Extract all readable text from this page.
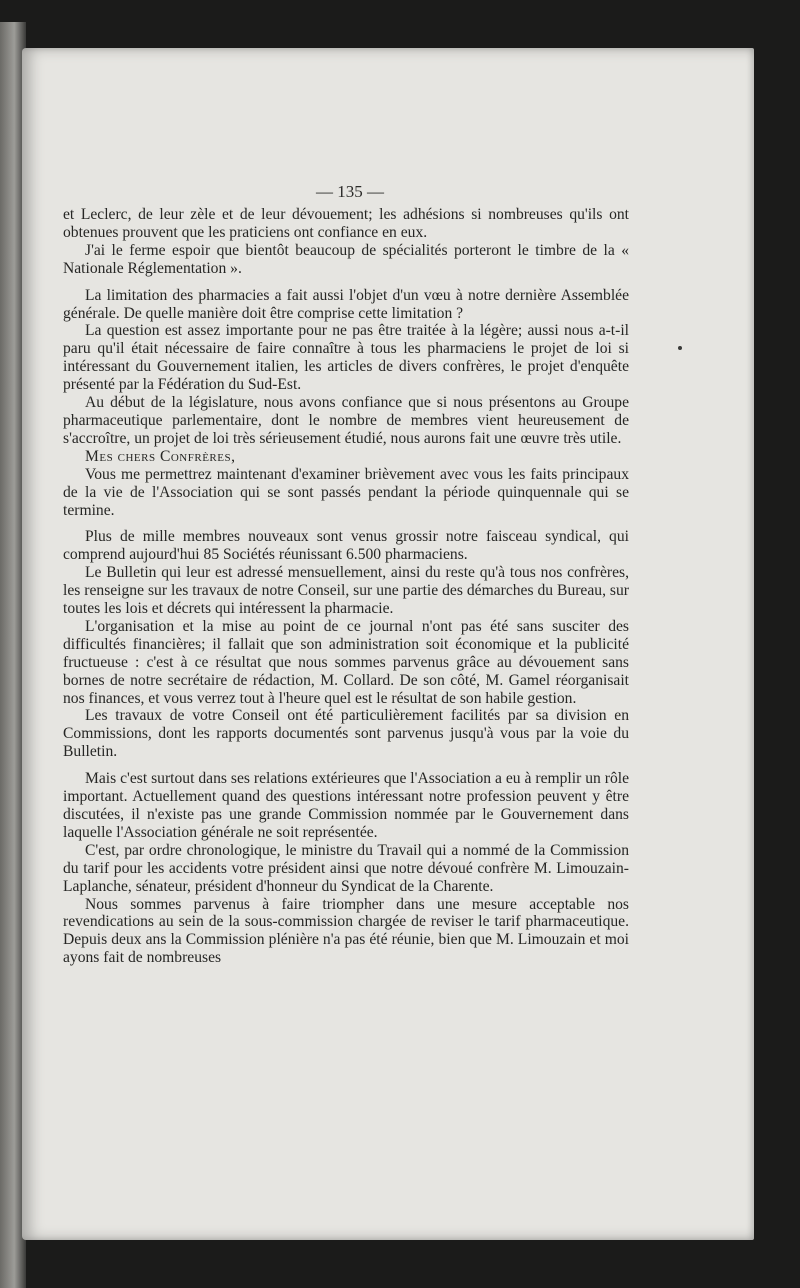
— 135 —

et Leclerc, de leur zèle et de leur dévouement; les adhésions si nombreuses qu'ils ont obtenues prouvent que les praticiens ont confiance en eux.

J'ai le ferme espoir que bientôt beaucoup de spécialités porteront le timbre de la « Nationale Réglementation ».

La limitation des pharmacies a fait aussi l'objet d'un vœu à notre dernière Assemblée générale. De quelle manière doit être comprise cette limitation ?

La question est assez importante pour ne pas être traitée à la légère; aussi nous a-t-il paru qu'il était nécessaire de faire connaître à tous les pharmaciens le projet de loi si intéressant du Gouvernement italien, les articles de divers confrères, le projet d'enquête présenté par la Fédération du Sud-Est.

Au début de la législature, nous avons confiance que si nous présentons au Groupe pharmaceutique parlementaire, dont le nombre de membres vient heureusement de s'accroître, un projet de loi très sérieusement étudié, nous aurons fait une œuvre très utile.

Mes chers Confrères,

Vous me permettrez maintenant d'examiner brièvement avec vous les faits principaux de la vie de l'Association qui se sont passés pendant la période quinquennale qui se termine.

Plus de mille membres nouveaux sont venus grossir notre faisceau syndical, qui comprend aujourd'hui 85 Sociétés réunissant 6.500 pharmaciens.

Le Bulletin qui leur est adressé mensuellement, ainsi du reste qu'à tous nos confrères, les renseigne sur les travaux de notre Conseil, sur une partie des démarches du Bureau, sur toutes les lois et décrets qui intéressent la pharmacie.

L'organisation et la mise au point de ce journal n'ont pas été sans susciter des difficultés financières; il fallait que son administration soit économique et la publicité fructueuse : c'est à ce résultat que nous sommes parvenus grâce au dévouement sans bornes de notre secrétaire de rédaction, M. Collard. De son côté, M. Gamel réorganisait nos finances, et vous verrez tout à l'heure quel est le résultat de son habile gestion.

Les travaux de votre Conseil ont été particulièrement facilités par sa division en Commissions, dont les rapports documentés sont parvenus jusqu'à vous par la voie du Bulletin.

Mais c'est surtout dans ses relations extérieures que l'Association a eu à remplir un rôle important. Actuellement quand des questions intéressant notre profession peuvent y être discutées, il n'existe pas une grande Commission nommée par le Gouvernement dans laquelle l'Association générale ne soit représentée.

C'est, par ordre chronologique, le ministre du Travail qui a nommé de la Commission du tarif pour les accidents votre président ainsi que notre dévoué confrère M. Limouzain-Laplanche, sénateur, président d'honneur du Syndicat de la Charente.

Nous sommes parvenus à faire triompher dans une mesure acceptable nos revendications au sein de la sous-commission chargée de reviser le tarif pharmaceutique. Depuis deux ans la Commission plénière n'a pas été réunie, bien que M. Limouzain et moi ayons fait de nombreuses
